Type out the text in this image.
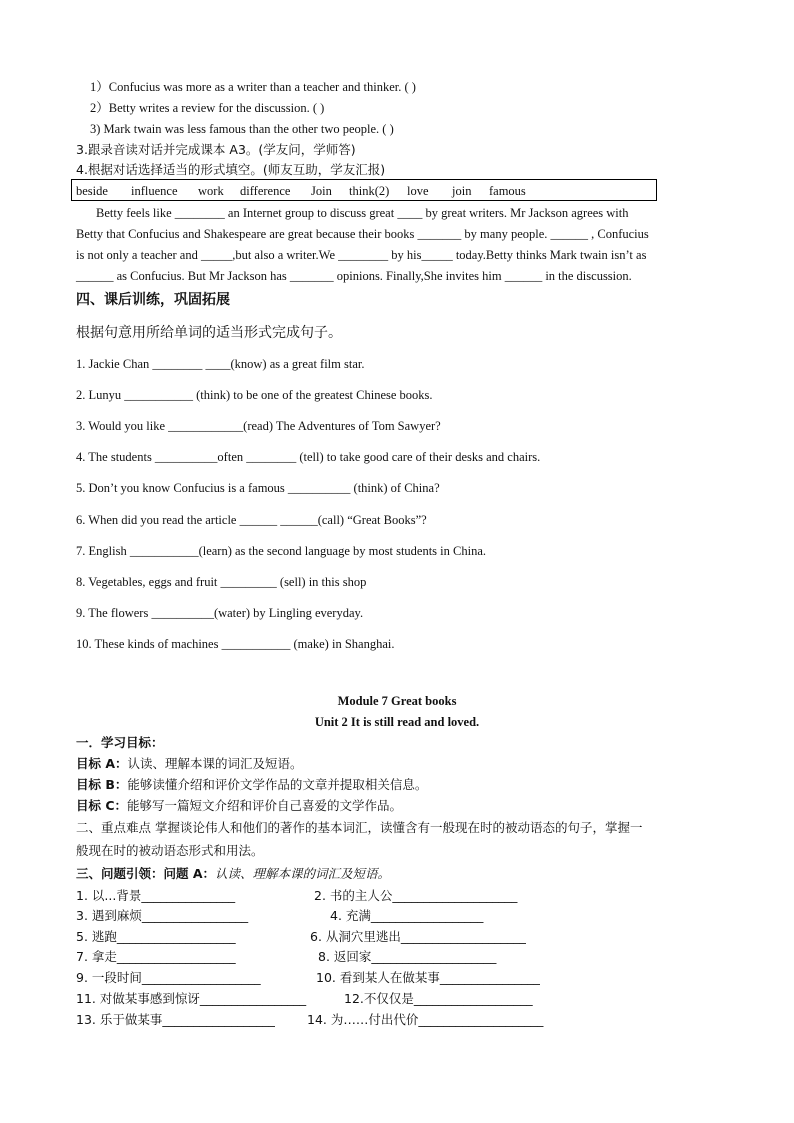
1）Confucius was more as a writer than a teacher and thinker. ( )
2）Betty writes a review for the discussion. ( )
3) Mark twain was less famous than the other two people. ( )
3.跟录音读对话并完成课本 A3。(学友问，学师答)
4.根据对话选择适当的形式填空。(师友互助，学友汇报)
beside influence work difference Join think(2) love join famous
Betty feels like ________ an Internet group to discuss great ____ by great writers. Mr Jackson agrees with
Betty that Confucius and Shakespeare are great because their books _______ by many people. ______ , Confucius
is not only a teacher and _____,but also a writer.We ________ by his_____ today.Betty thinks Mark twain isn’t as
______ as Confucius. But Mr Jackson has _______ opinions. Finally,She invites him ______ in the discussion.
四、课后训练，巩固拓展
根据句意用所给单词的适当形式完成句子。
1. Jackie Chan ________ ____(know) as a great film star.
2. Lunyu ___________ (think) to be one of the greatest Chinese books.
3. Would you like ____________(read) The Adventures of Tom Sawyer?
4. The students __________often ________ (tell) to take good care of their desks and chairs.
5. Don’t you know Confucius is a famous __________ (think) of China?
6. When did you read the article ______ ______(call) “Great Books”?
7. English ___________(learn) as the second language by most students in China.
8. Vegetables, eggs and fruit _________ (sell) in this shop
9. The flowers __________(water) by Lingling everyday.
10. These kinds of machines ___________ (make) in Shanghai.
Module 7 Great books
Unit 2 It is still read and loved.
一．学习目标：
目标 A：认读、理解本课的词汇及短语。
目标 B：能够读懂介绍和评价文学作品的文章并提取相关信息。
目标 C：能够写一篇短文介绍和评价自己喜爱的文学作品。
二、重点难点 掌握谈论伟人和他们的著作的基本词汇，读懂含有一般现在时的被动语态的句子，掌握一
般现在时的被动语态形式和用法。
三、问题引领：问题 A：认读、理解本课的词汇及短语。
1. 以...背景_______________	2. 书的主人公____________________
3. 遇到麻烦_________________	4. 充满__________________
5. 逃跑___________________	6. 从洞穴里逃出____________________
7. 拿走___________________	8. 返回家____________________
9. 一段时间___________________	10. 看到某人在做某事________________
11. 对做某事感到惊讶_________________	12.不仅仅是___________________
13. 乐于做某事__________________	14. 为……付出代价____________________
